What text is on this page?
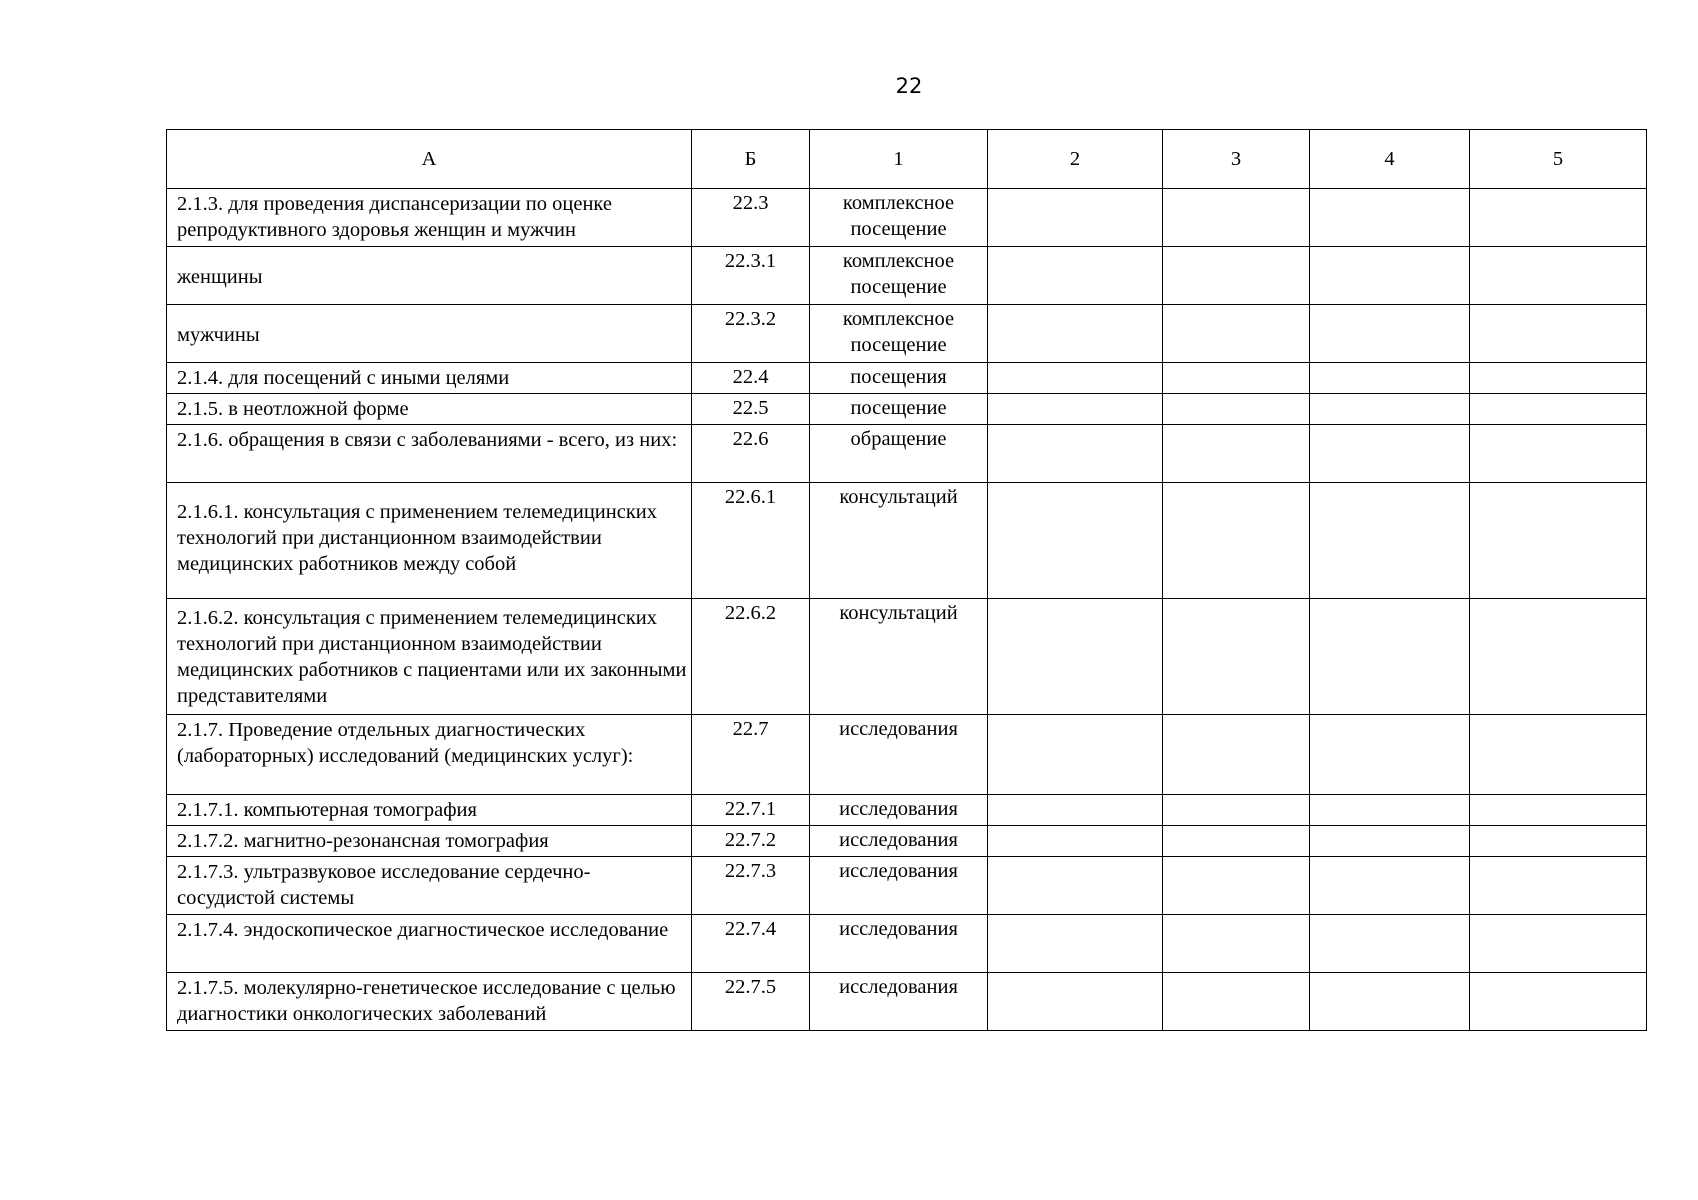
22
А	Б	1	2	3	4	5
2.1.3. для проведения диспансеризации по оценке репродуктивного здоровья женщин и мужчин	22.3	комплексное посещение				
женщины	22.3.1	комплексное посещение				
мужчины	22.3.2	комплексное посещение				
2.1.4. для посещений с иными целями	22.4	посещения				
2.1.5. в неотложной форме	22.5	посещение				
2.1.6. обращения в связи с заболеваниями - всего, из них:	22.6	обращение				
2.1.6.1. консультация с применением телемедицинских технологий при дистанционном взаимодействии медицинских работников между собой	22.6.1	консультаций				
2.1.6.2. консультация с применением телемедицинских технологий при дистанционном взаимодействии медицинских работников с пациентами или их законными представителями	22.6.2	консультаций				
2.1.7. Проведение отдельных диагностических (лабораторных) исследований (медицинских услуг):	22.7	исследования				
2.1.7.1. компьютерная томография	22.7.1	исследования				
2.1.7.2. магнитно-резонансная томография	22.7.2	исследования				
2.1.7.3. ультразвуковое исследование сердечно-сосудистой системы	22.7.3	исследования				
2.1.7.4. эндоскопическое диагностическое исследование	22.7.4	исследования				
2.1.7.5. молекулярно-генетическое исследование с целью диагностики онкологических заболеваний	22.7.5	исследования				
